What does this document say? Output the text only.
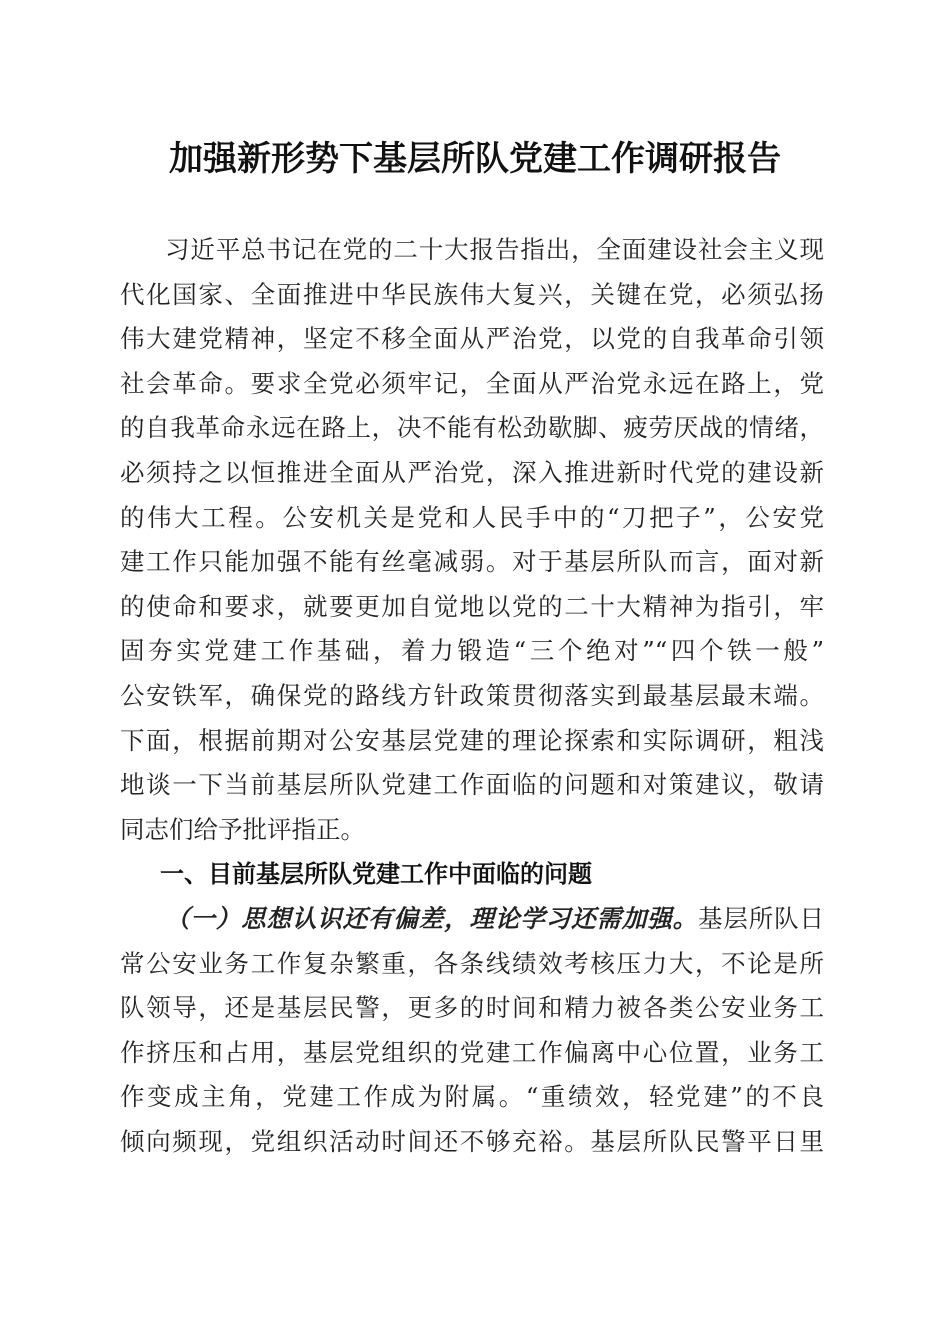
加强新形势下基层所队党建工作调研报告
习近平总书记在党的二十大报告指出，全面建设社会主义现
代化国家、全面推进中华民族伟大复兴，关键在党，必须弘扬
伟大建党精神，坚定不移全面从严治党，以党的自我革命引领
社会革命。要求全党必须牢记，全面从严治党永远在路上，党
的自我革命永远在路上，决不能有松劲歇脚、疲劳厌战的情绪，
必须持之以恒推进全面从严治党，深入推进新时代党的建设新
的伟大工程。公安机关是党和人民手中的“刀把子”，公安党
建工作只能加强不能有丝毫减弱。对于基层所队而言，面对新
的使命和要求，就要更加自觉地以党的二十大精神为指引，牢
固夯实党建工作基础，着力锻造“三个绝对”“四个铁一般”
公安铁军，确保党的路线方针政策贯彻落实到最基层最末端。
下面，根据前期对公安基层党建的理论探索和实际调研，粗浅
地谈一下当前基层所队党建工作面临的问题和对策建议，敬请
同志们给予批评指正。
一、目前基层所队党建工作中面临的问题
（一）思想认识还有偏差，理论学习还需加强。基层所队日
常公安业务工作复杂繁重，各条线绩效考核压力大，不论是所
队领导，还是基层民警，更多的时间和精力被各类公安业务工
作挤压和占用，基层党组织的党建工作偏离中心位置，业务工
作变成主角，党建工作成为附属。“重绩效，轻党建”的不良
倾向频现，党组织活动时间还不够充裕。基层所队民警平日里
